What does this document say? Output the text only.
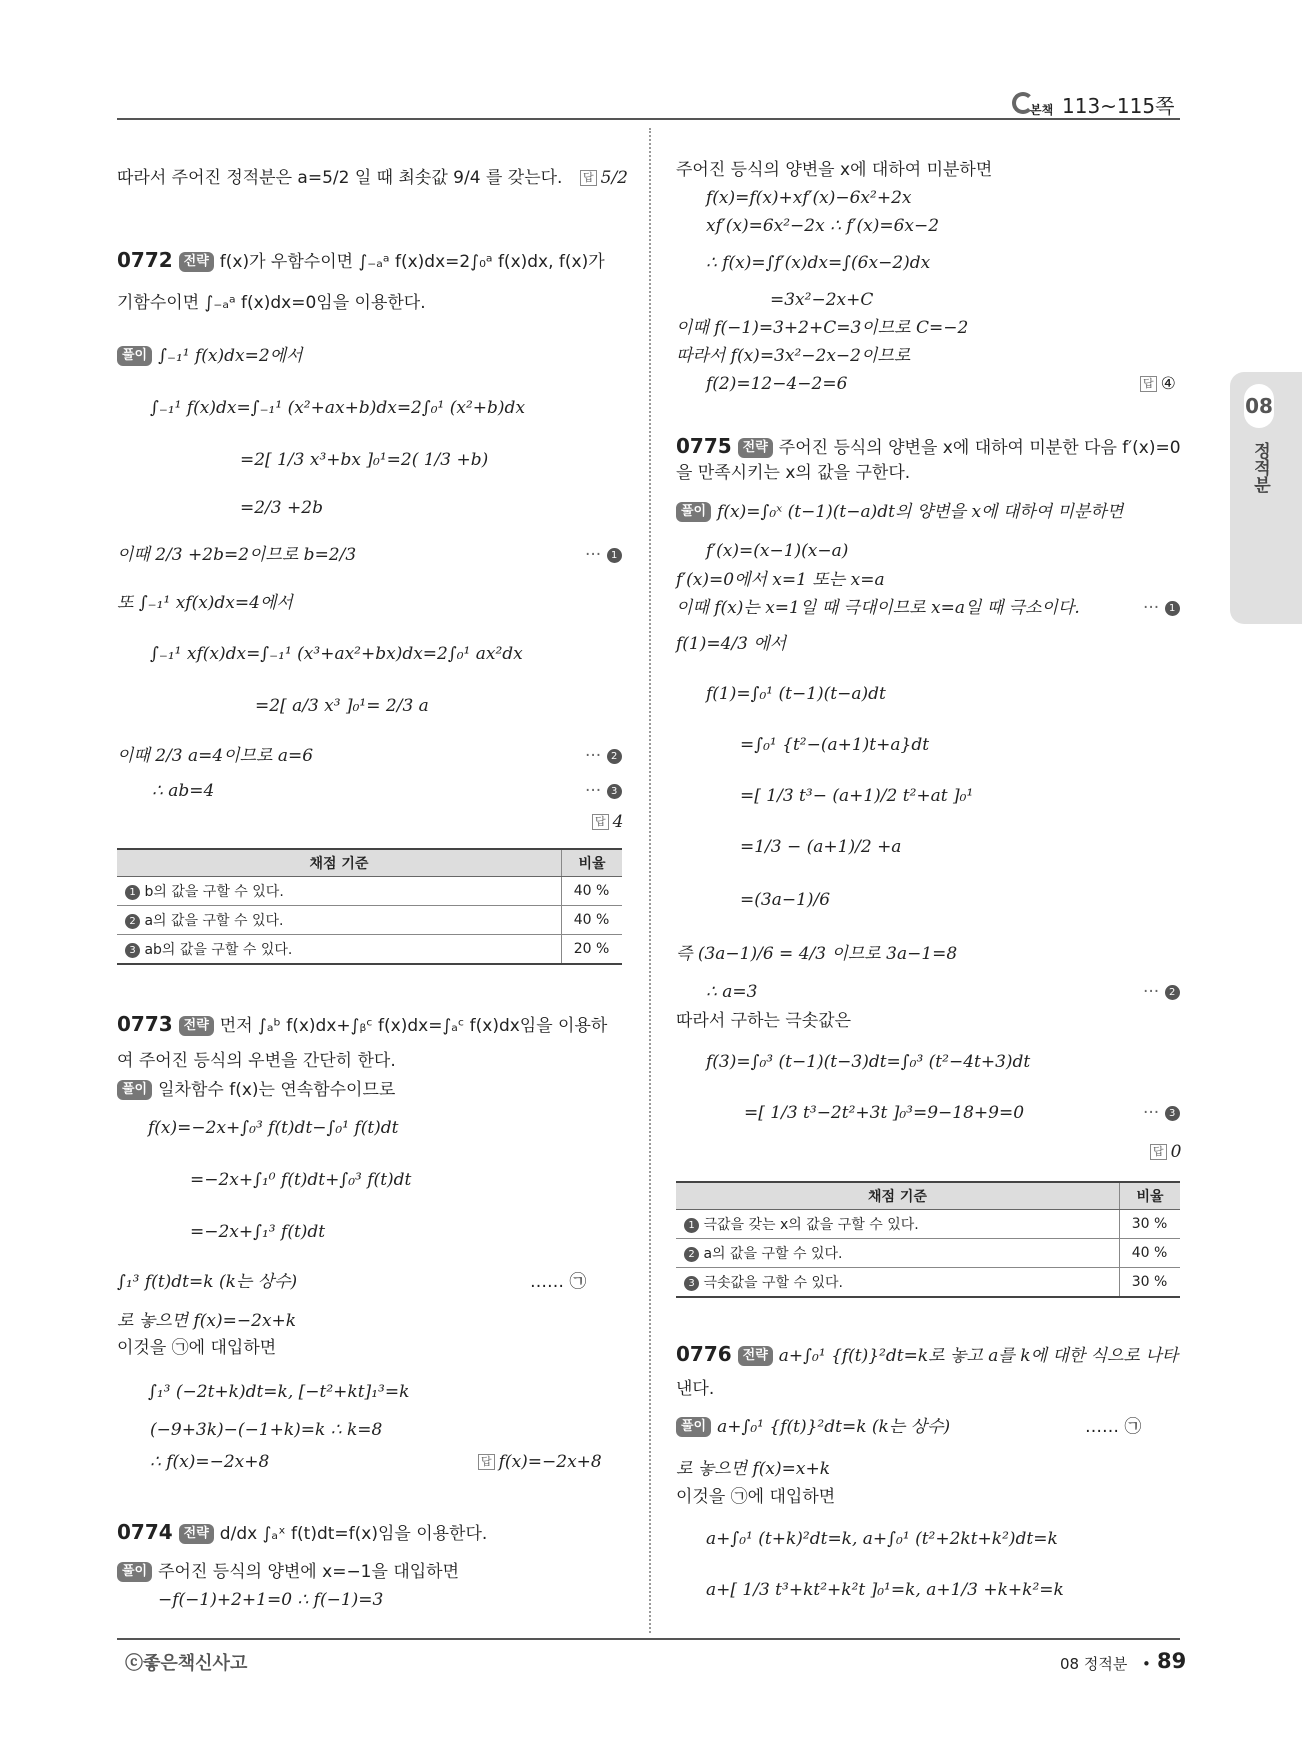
본책 113~115쪽
08
정적분
따라서 주어진 정적분은 a=5/2 일 때 최솟값 9/4 를 갖는다. 답 5/2
0772 전략 f(x)가 우함수이면 ∫₋ₐᵃ f(x)dx=2∫₀ᵃ f(x)dx, f(x)가
기함수이면 ∫₋ₐᵃ f(x)dx=0임을 이용한다.
풀이 ∫₋₁¹ f(x)dx=2에서
∫₋₁¹ f(x)dx=∫₋₁¹ (x²+ax+b)dx=2∫₀¹ (x²+b)dx
=2[ 1/3 x³+bx ]₀¹=2( 1/3 +b)
=2/3 +2b
이때 2/3 +2b=2이므로 b=2/3	··· 1
또 ∫₋₁¹ xf(x)dx=4에서
∫₋₁¹ xf(x)dx=∫₋₁¹ (x³+ax²+bx)dx=2∫₀¹ ax²dx
=2[ a/3 x³ ]₀¹= 2/3 a
이때 2/3 a=4이므로 a=6	··· 2
∴ ab=4	··· 3
답 4
채점 기준	비율
1 b의 값을 구할 수 있다.	40 %
2 a의 값을 구할 수 있다.	40 %
3 ab의 값을 구할 수 있다.	20 %
0773 전략 먼저 ∫ₐᵇ f(x)dx+∫ᵦᶜ f(x)dx=∫ₐᶜ f(x)dx임을 이용하
여 주어진 등식의 우변을 간단히 한다.
풀이 일차함수 f(x)는 연속함수이므로
f(x)=−2x+∫₀³ f(t)dt−∫₀¹ f(t)dt
=−2x+∫₁⁰ f(t)dt+∫₀³ f(t)dt
=−2x+∫₁³ f(t)dt
∫₁³ f(t)dt=k (k는 상수)	…… ㉠
로 놓으면 f(x)=−2x+k
이것을 ㉠에 대입하면
∫₁³ (−2t+k)dt=k, [−t²+kt]₁³=k
(−9+3k)−(−1+k)=k ∴ k=8
∴ f(x)=−2x+8	답 f(x)=−2x+8
0774 전략 d/dx ∫ₐˣ f(t)dt=f(x)임을 이용한다.
풀이 주어진 등식의 양변에 x=−1을 대입하면
−f(−1)+2+1=0 ∴ f(−1)=3
주어진 등식의 양변을 x에 대하여 미분하면
f(x)=f(x)+xf′(x)−6x²+2x
xf′(x)=6x²−2x ∴ f′(x)=6x−2
∴ f(x)=∫f′(x)dx=∫(6x−2)dx
=3x²−2x+C
이때 f(−1)=3+2+C=3이므로 C=−2
따라서 f(x)=3x²−2x−2이므로
f(2)=12−4−2=6	답 ④
0775 전략 주어진 등식의 양변을 x에 대하여 미분한 다음 f′(x)=0
을 만족시키는 x의 값을 구한다.
풀이 f(x)=∫₀ˣ (t−1)(t−a)dt의 양변을 x에 대하여 미분하면
f′(x)=(x−1)(x−a)
f′(x)=0에서 x=1 또는 x=a
이때 f(x)는 x=1일 때 극대이므로 x=a일 때 극소이다.	··· 1
f(1)=4/3 에서
f(1)=∫₀¹ (t−1)(t−a)dt
=∫₀¹ {t²−(a+1)t+a}dt
=[ 1/3 t³− (a+1)/2 t²+at ]₀¹
=1/3 − (a+1)/2 +a
=(3a−1)/6
즉 (3a−1)/6 = 4/3 이므로 3a−1=8
∴ a=3	··· 2
따라서 구하는 극솟값은
f(3)=∫₀³ (t−1)(t−3)dt=∫₀³ (t²−4t+3)dt
=[ 1/3 t³−2t²+3t ]₀³=9−18+9=0	··· 3
답 0
채점 기준	비율
1 극값을 갖는 x의 값을 구할 수 있다.	30 %
2 a의 값을 구할 수 있다.	40 %
3 극솟값을 구할 수 있다.	30 %
0776 전략 a+∫₀¹ {f(t)}²dt=k로 놓고 a를 k에 대한 식으로 나타
낸다.
풀이 a+∫₀¹ {f(t)}²dt=k (k는 상수)	…… ㉠
로 놓으면 f(x)=x+k
이것을 ㉠에 대입하면
a+∫₀¹ (t+k)²dt=k, a+∫₀¹ (t²+2kt+k²)dt=k
a+[ 1/3 t³+kt²+k²t ]₀¹=k, a+1/3 +k+k²=k
ⓒ좋은책신사고	08 정적분 • 89
